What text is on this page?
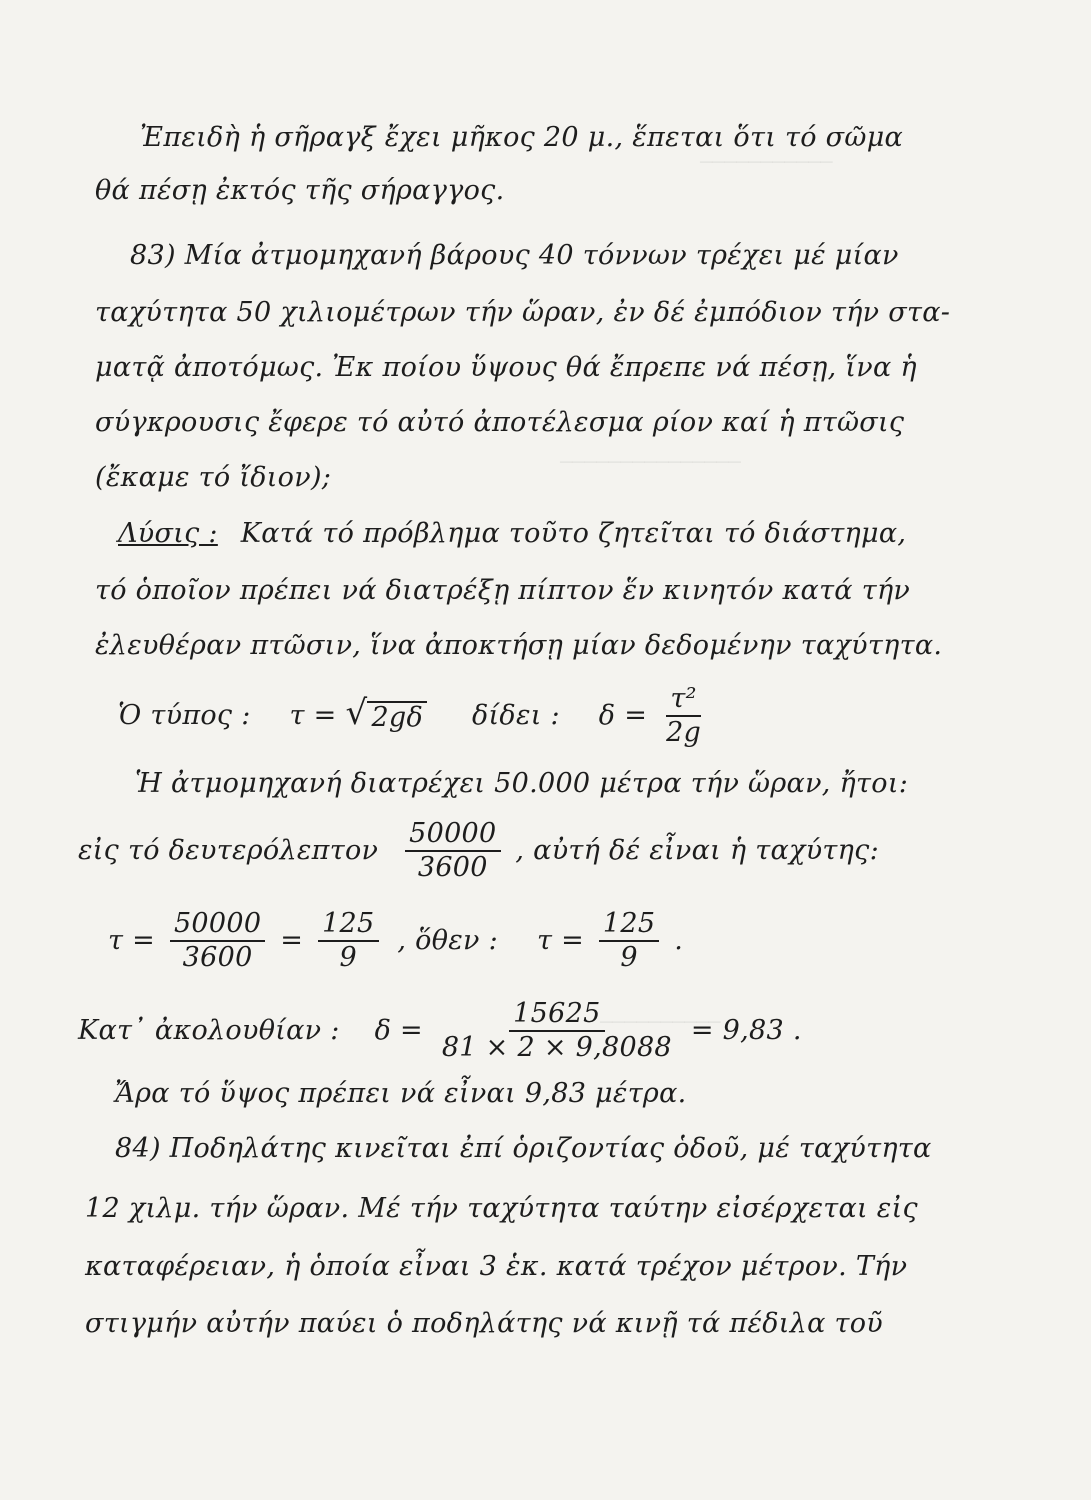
───────────
───────────────
──────────
Ἐπειδὴ ἡ σῆραγξ ἔχει μῆκος 20 μ., ἕπεται ὅτι τό σῶμα
θά πέσῃ ἐκτός τῆς σήραγγος.
83) Μία ἀτμομηχανή βάρους 40 τόννων τρέχει μέ μίαν
ταχύτητα 50 χιλιομέτρων τήν ὥραν, ἐν δέ ἐμπόδιον τήν στα-
ματᾷ ἀποτόμως. Ἐκ ποίου ὕψους θά ἔπρεπε νά πέσῃ, ἵνα ἡ
σύγκρουσις ἔφερε τό αὐτό ἀποτέλεσμα ρίον καί ἡ πτῶσις
(ἔκαμε τό ἴδιον);
Λύσις : Κατά τό πρόβλημα τοῦτο ζητεῖται τό διάστημα,
τό ὁποῖον πρέπει νά διατρέξῃ πίπτον ἕν κινητόν κατά τήν
ἐλευθέραν πτῶσιν, ἵνα ἀποκτήσῃ μίαν δεδομένην ταχύτητα.
Ὁ τύπος : τ = √ 2gδ δίδει : $\delta = \frac{\text{τ²}}{2g}$
Ἡ ἀτμομηχανή διατρέχει 50.000 μέτρα τήν ὥραν, ἤτοι:
εἰς τό δευτερόλεπτον $\frac{50000}{3600}$ , αὐτή δέ εἶναι ἡ ταχύτης:
$\tau = \frac{50000}{3600} = \frac{125}{9}$ , ὅθεν : $\tau = \frac{125}{9}$ .
Κατ᾽ ἀκολουθίαν : $\delta = \frac{15625}{81 \times 2 \times 9,8088} = 9,83$ .
Ἄρα τό ὕψος πρέπει νά εἶναι 9,83 μέτρα.
84) Ποδηλάτης κινεῖται ἐπί ὁριζοντίας ὁδοῦ, μέ ταχύτητα
12 χιλμ. τήν ὥραν. Μέ τήν ταχύτητα ταύτην εἰσέρχεται εἰς
καταφέρειαν, ἡ ὁποία εἶναι 3 ἑκ. κατά τρέχον μέτρον. Τήν
στιγμήν αὐτήν παύει ὁ ποδηλάτης νά κινῇ τά πέδιλα τοῦ
